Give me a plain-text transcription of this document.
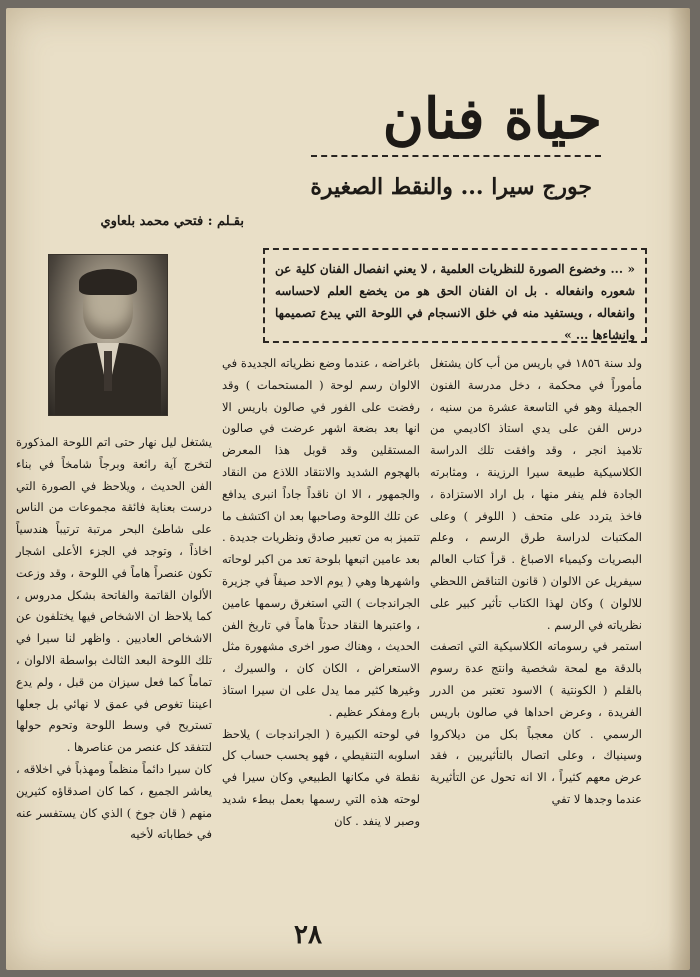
حياة فنان
جورج سيرا ... والنقط الصغيرة
بقـلم : فتحي محمد بلعاوي
« ... وخضوع الصورة للنظريات العلمية ، لا يعني انفصال الفنان كلية عن شعوره وانفعاله . بل ان الفنان الحق هو من يخضع العلم لاحساسه وانفعاله ، ويستفيد منه في خلق الانسجام في اللوحة التي يبدع تصميمها وانشاءها ... »

ولد سنة ١٨٥٦ في باريس من أب كان يشتغل مأموراً في محكمة ، دخل مدرسة الفنون الجميلة وهو في التاسعة عشرة من سنيه ، درس الفن على يدي استاذ اكاديمي من تلاميذ انجر ، وقد وافقت تلك الدراسة الكلاسيكية طبيعة سيرا الرزينة ، ومثابرته الجادة فلم ينفر منها ، بل اراد الاستزادة ، فاخذ يتردد على متحف ( اللوفر ) وعلى المكتبات لدراسة طرق الرسم ، وعلم البصريات وكيمياء الاصباغ . قرأ كتاب العالم سيفريل عن الالوان ( قانون التناقض اللحظي للالوان ) وكان لهذا الكتاب تأثير كبير على نظرياته في الرسم .

استمر في رسوماته الكلاسيكية التي اتصفت بالدقة مع لمحة شخصية وانتج عدة رسوم بالقلم ( الكونتية ) الاسود تعتبر من الدرر الفريدة ، وعرض احداها في صالون باريس الرسمي . كان معجباً بكل من ديلاكروا وسينياك ، وعلى اتصال بالتأثيريين ، فقد عرض معهم كثيراً ، الا انه تحول عن التأثيرية عندما وجدها لا تفي

باغراضه ، عندما وضع نظرياته الجديدة في الالوان رسم لوحة ( المستحمات ) وقد رفضت على الفور في صالون باريس الا انها بعد بضعة اشهر عرضت في صالون المستقلين وقد قوبل هذا المعرض بالهجوم الشديد والانتقاد اللاذع من النقاد والجمهور ، الا ان ناقداً جاداً انبرى يدافع عن تلك اللوحة وصاحبها بعد ان اكتشف ما تتميز به من تعبير صادق ونظريات جديدة . بعد عامين اتبعها بلوحة تعد من اكبر لوحاته واشهرها وهي ( يوم الاحد صيفاً في جزيرة الجراندجات ) التي استغرق رسمها عامين ، واعتبرها النقاد حدثاً هاماً في تاريخ الفن الحديث ، وهناك صور اخرى مشهورة مثل الاستعراض ، الكان كان ، والسيرك ، وغيرها كثير مما يدل على ان سيرا استاذ بارع ومفكر عظيم .

في لوحته الكبيرة ( الجراندجات ) يلاحظ اسلوبه التنقيطي ، فهو يحسب حساب كل نقطة في مكانها الطبيعي وكان سيرا في لوحته هذه التي رسمها بعمل ببطء شديد وصبر لا ينفد . كان

يشتغل ليل نهار حتى اتم اللوحة المذكورة لتخرج آية رائعة وبرجاً شامخاً في بناء الفن الحديث ، ويلاحظ في الصورة التي درست بعناية فائقة مجموعات من الناس على شاطئ البحر مرتبة ترتيباً هندسياً اخاذاً ، وتوجد في الجزء الأعلى اشجار تكون عنصراً هاماً في اللوحة ، وقد وزعت الألوان القاتمة والفاتحة بشكل مدروس ، كما يلاحظ ان الاشخاص فيها يختلفون عن الاشخاص العاديين . واظهر لنا سيرا في تلك اللوحة البعد الثالث بواسطة الالوان ، تماماً كما فعل سيزان من قبل ، ولم يدع اعيننا تغوص في عمق لا نهائي بل جعلها تستريح في وسط اللوحة وتحوم حولها لتتفقد كل عنصر من عناصرها .

كان سيرا دائماً منظماً ومهذباً في اخلاقه ، يعاشر الجميع ، كما كان اصدقاؤه كثيرين منهم ( قان جوخ ) الذي كان يستفسر عنه في خطاباته لأخيه

٢٨
